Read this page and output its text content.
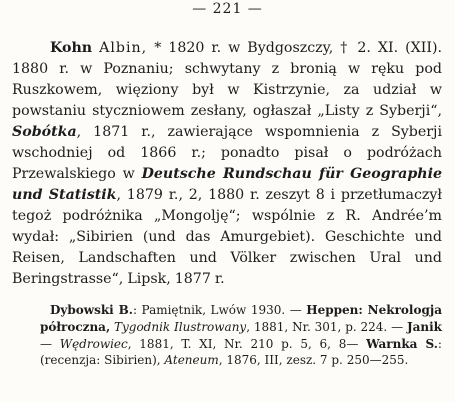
— 221 —

Kohn Albin, * 1820 r. w Bydgoszczy, † 2. XI. (XII). 1880 r. w Poznaniu; schwytany z bronią w ręku pod Ruszkowem, więziony był w Kistrzynie, za udział w powstaniu styczniowem zesłany, ogłaszał „Listy z Syberji“, Sobótka, 1871 r., zawierające wspomnienia z Syberji wschodniej od 1866 r.; ponadto pisał o podróżach Przewalskiego w Deutsche Rundschau für Geographie und Statistik, 1879 r., 2, 1880 r. zeszyt 8 i przetłumaczył tegoż podróżnika „Mongolję“; wspólnie z R. Andrée’m wydał: „Sibirien (und das Amurgebiet). Geschichte und Reisen, Landschaften und Völker zwischen Ural und Beringstrasse“, Lipsk, 1877 r.

Dybowski B.: Pamiętnik, Lwów 1930. — Heppen: Nekrologja półroczna, Tygodnik Ilustrowany, 1881, Nr. 301, p. 224. — Janik — Wędrowiec, 1881, T. XI, Nr. 210 p. 5, 6, 8— Warnka S.: (recenzja: Sibirien), Ateneum, 1876, III, zesz. 7 p. 250—255.
